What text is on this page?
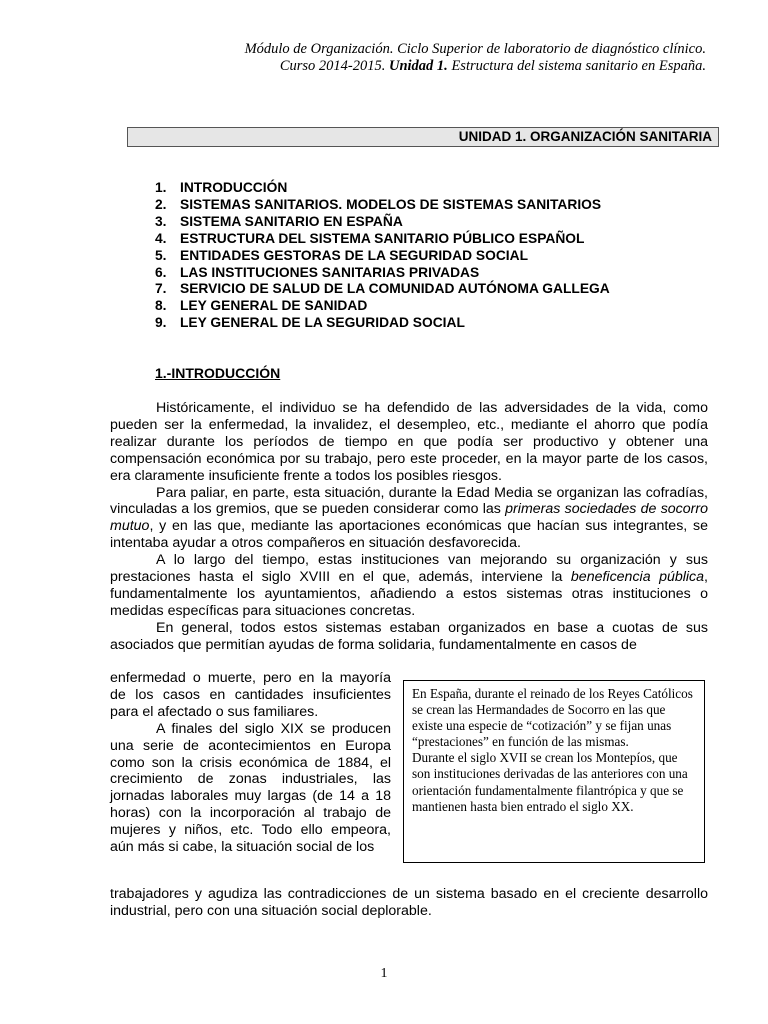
Módulo de Organización. Ciclo Superior de laboratorio de diagnóstico clínico.
Curso 2014-2015. Unidad 1. Estructura del sistema sanitario en España.
UNIDAD 1. ORGANIZACIÓN SANITARIA
1. INTRODUCCIÓN
2. SISTEMAS SANITARIOS. MODELOS DE SISTEMAS SANITARIOS
3. SISTEMA SANITARIO EN ESPAÑA
4. ESTRUCTURA DEL SISTEMA SANITARIO PÚBLICO ESPAÑOL
5. ENTIDADES GESTORAS DE LA SEGURIDAD SOCIAL
6. LAS INSTITUCIONES SANITARIAS PRIVADAS
7. SERVICIO DE SALUD DE LA COMUNIDAD AUTÓNOMA GALLEGA
8. LEY GENERAL DE SANIDAD
9. LEY GENERAL DE LA SEGURIDAD SOCIAL
1.-INTRODUCCIÓN

Históricamente, el individuo se ha defendido de las adversidades de la vida, como pueden ser la enfermedad, la invalidez, el desempleo, etc., mediante el ahorro que podía realizar durante los períodos de tiempo en que podía ser productivo y obtener una compensación económica por su trabajo, pero este proceder, en la mayor parte de los casos, era claramente insuficiente frente a todos los posibles riesgos.

Para paliar, en parte, esta situación, durante la Edad Media se organizan las cofradías, vinculadas a los gremios, que se pueden considerar como las primeras sociedades de socorro mutuo, y en las que, mediante las aportaciones económicas que hacían sus integrantes, se intentaba ayudar a otros compañeros en situación desfavorecida.

A lo largo del tiempo, estas instituciones van mejorando su organización y sus prestaciones hasta el siglo XVIII en el que, además, interviene la beneficencia pública, fundamentalmente los ayuntamientos, añadiendo a estos sistemas otras instituciones o medidas específicas para situaciones concretas.

En general, todos estos sistemas estaban organizados en base a cuotas de sus asociados que permitían ayudas de forma solidaria, fundamentalmente en casos de

enfermedad o muerte, pero en la mayoría de los casos en cantidades insuficientes para el afectado o sus familiares.

A finales del siglo XIX se producen una serie de acontecimientos en Europa como son la crisis económica de 1884, el crecimiento de zonas industriales, las jornadas laborales muy largas (de 14 a 18 horas) con la incorporación al trabajo de mujeres y niños, etc. Todo ello empeora, aún más si cabe, la situación social de los

trabajadores y agudiza las contradicciones de un sistema basado en el creciente desarrollo industrial, pero con una situación social deplorable.

En España, durante el reinado de los Reyes Católicos se crean las Hermandades de Socorro en las que existe una especie de “cotización” y se fijan unas “prestaciones” en función de las mismas.

Durante el siglo XVII se crean los Montepíos, que son instituciones derivadas de las anteriores con una orientación fundamentalmente filantrópica y que se mantienen hasta bien entrado el siglo XX.

1
